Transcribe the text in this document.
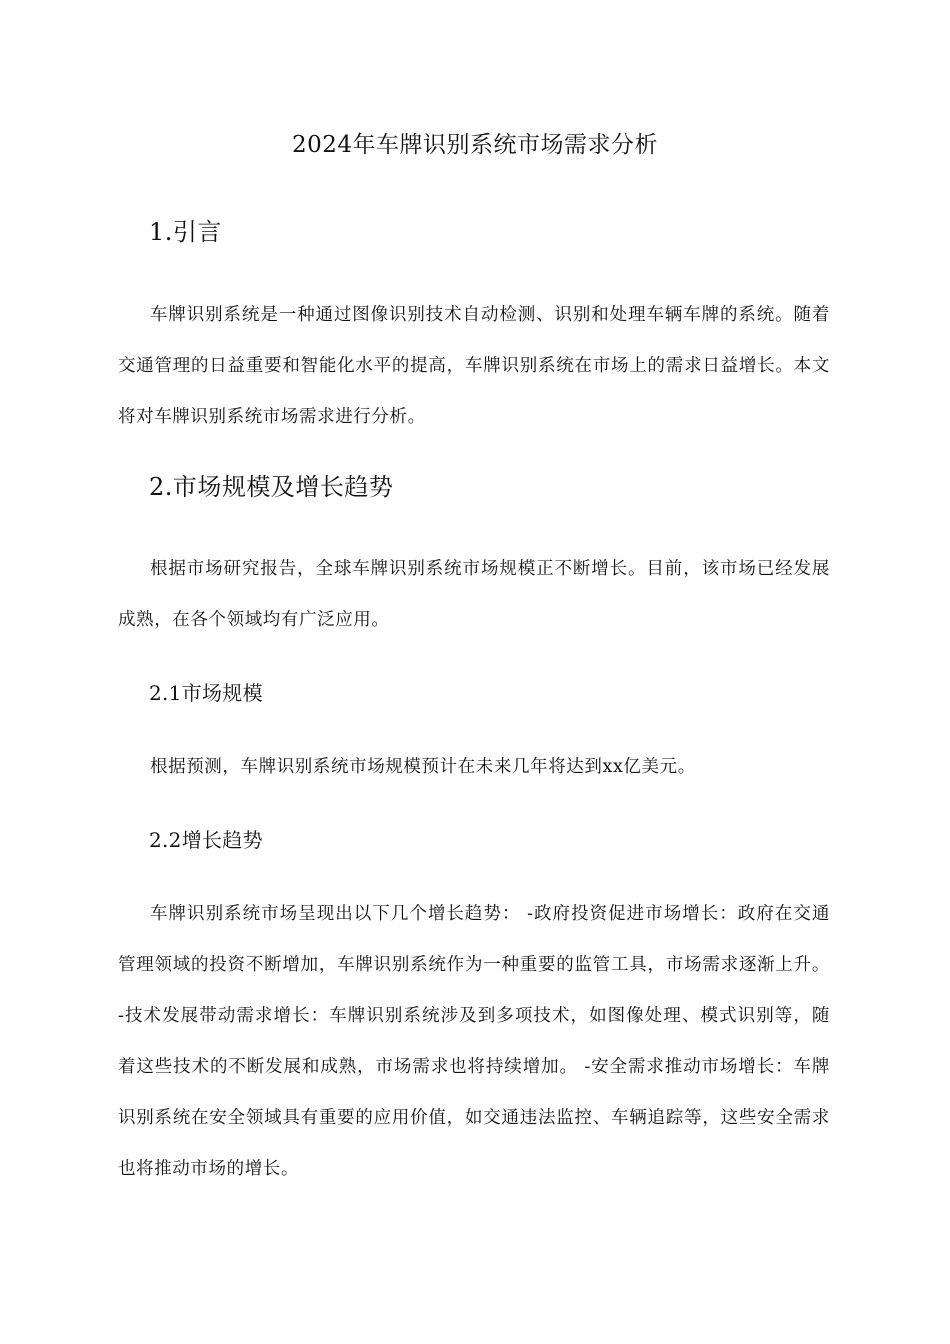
2024年车牌识别系统市场需求分析
1.引言
车牌识别系统是一种通过图像识别技术自动检测、识别和处理车辆车牌的系统。随着交通管理的日益重要和智能化水平的提高，车牌识别系统在市场上的需求日益增长。本文将对车牌识别系统市场需求进行分析。
2.市场规模及增长趋势
根据市场研究报告，全球车牌识别系统市场规模正不断增长。目前，该市场已经发展成熟，在各个领域均有广泛应用。
2.1市场规模
根据预测，车牌识别系统市场规模预计在未来几年将达到xx亿美元。
2.2增长趋势
车牌识别系统市场呈现出以下几个增长趋势： -政府投资促进市场增长：政府在交通管理领域的投资不断增加，车牌识别系统作为一种重要的监管工具，市场需求逐渐上升。 -技术发展带动需求增长：车牌识别系统涉及到多项技术，如图像处理、模式识别等，随着这些技术的不断发展和成熟，市场需求也将持续增加。 -安全需求推动市场增长：车牌识别系统在安全领域具有重要的应用价值，如交通违法监控、车辆追踪等，这些安全需求也将推动市场的增长。
